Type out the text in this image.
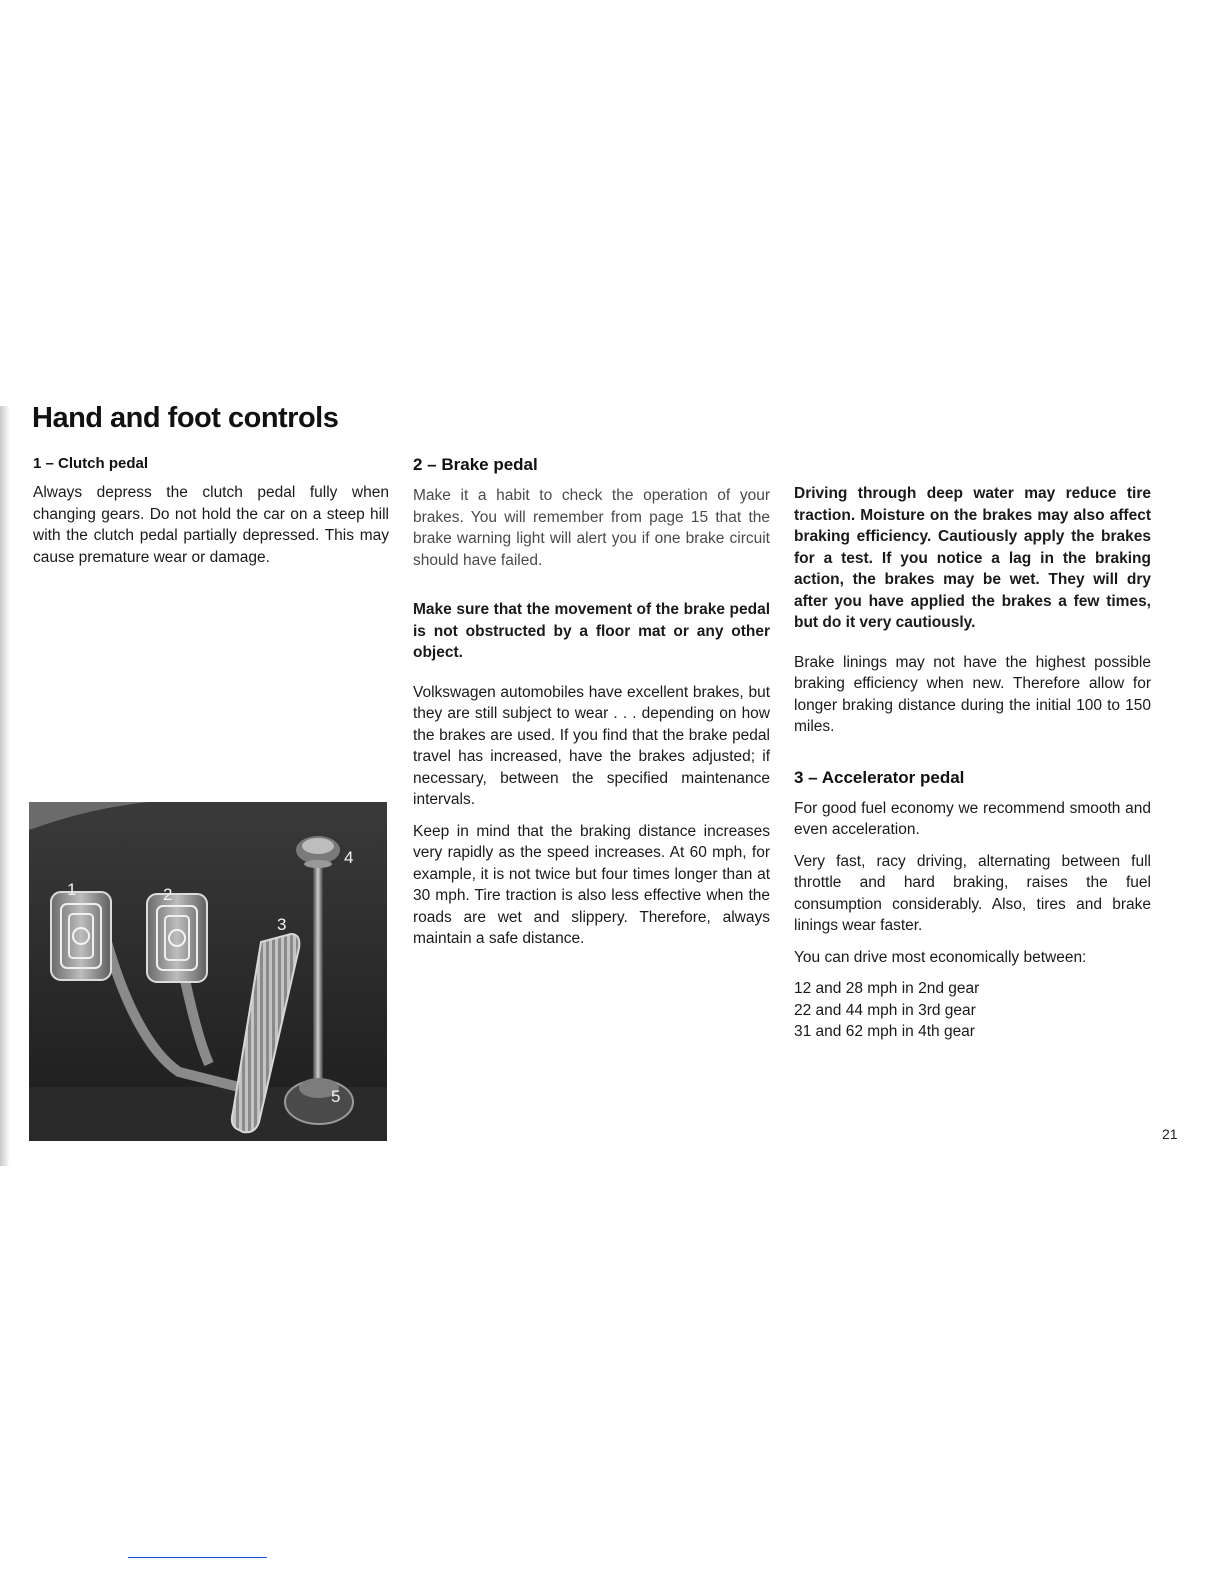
Hand and foot controls
1 – Clutch pedal

Always depress the clutch pedal fully when changing gears. Do not hold the car on a steep hill with the clutch pedal partially depressed. This may cause premature wear or damage.

1	2
3
4
5
2 – Brake pedal

Make it a habit to check the operation of your brakes. You will remember from page 15 that the brake warning light will alert you if one brake circuit should have failed.

Make sure that the movement of the brake pedal is not obstructed by a floor mat or any other object.

Volkswagen automobiles have excellent brakes, but they are still subject to wear . . . depending on how the brakes are used. If you find that the brake pedal travel has increased, have the brakes adjusted; if necessary, between the specified maintenance intervals.

Keep in mind that the braking distance increases very rapidly as the speed increases. At 60 mph, for example, it is not twice but four times longer than at 30 mph. Tire traction is also less effective when the roads are wet and slippery. Therefore, always maintain a safe distance.

Driving through deep water may reduce tire traction. Moisture on the brakes may also affect braking efficiency. Cautiously apply the brakes for a test. If you notice a lag in the braking action, the brakes may be wet. They will dry after you have applied the brakes a few times, but do it very cautiously.

Brake linings may not have the highest possible braking efficiency when new. Therefore allow for longer braking distance during the initial 100 to 150 miles.

3 – Accelerator pedal

For good fuel economy we recommend smooth and even acceleration.

Very fast, racy driving, alternating between full throttle and hard braking, raises the fuel consumption considerably. Also, tires and brake linings wear faster.

You can drive most economically between:

12 and 28 mph in 2nd gear
22 and 44 mph in 3rd gear
31 and 62 mph in 4th gear
21
